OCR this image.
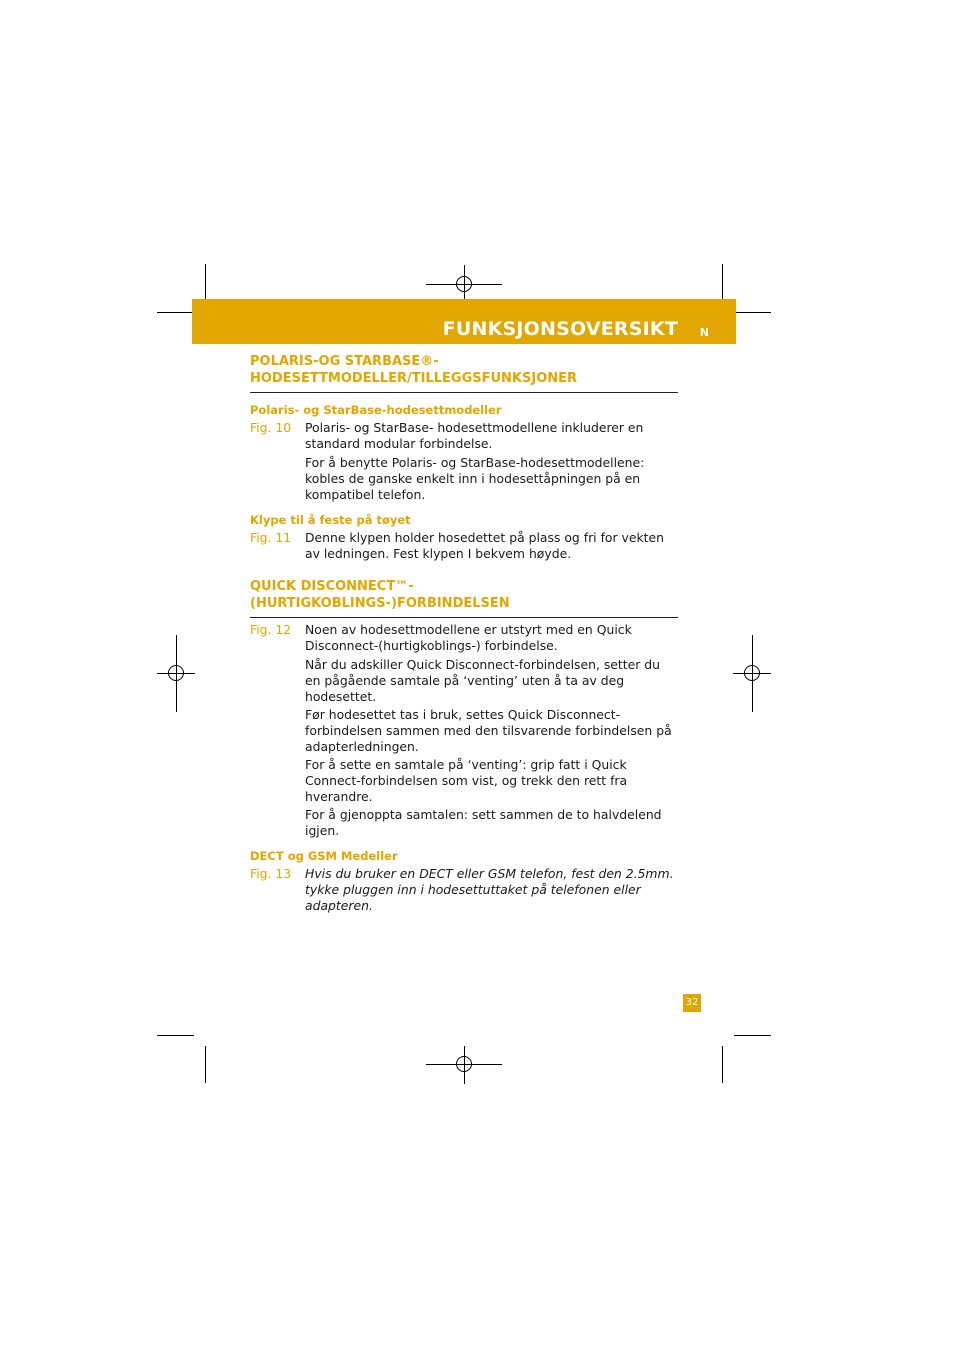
FUNKSJONSOVERSIKT N
POLARIS-OG STARBASE®-
HODESETTMODELLER/TILLEGGSFUNKSJONER
Polaris- og StarBase-hodesettmodeller
Fig. 10	Polaris- og StarBase- hodesettmodellene inkluderer en standard modular forbindelse.
For å benytte Polaris- og StarBase-hodesettmodellene: kobles de ganske enkelt inn i hodesettåpningen på en kompatibel telefon.
Klype til å feste på tøyet
Fig. 11	Denne klypen holder hosedettet på plass og fri for vekten av ledningen. Fest klypen I bekvem høyde.
QUICK DISCONNECT™-
(HURTIGKOBLINGS-)FORBINDELSEN
Fig. 12	Noen av hodesettmodellene er utstyrt med en Quick Disconnect-(hurtigkoblings-) forbindelse.
Når du adskiller Quick Disconnect-forbindelsen, setter du en pågående samtale på ‘venting’ uten å ta av deg hodesettet.
Før hodesettet tas i bruk, settes Quick Disconnect-forbindelsen sammen med den tilsvarende forbindelsen på adapterledningen.
For å sette en samtale på ‘venting’: grip fatt i Quick Connect-forbindelsen som vist, og trekk den rett fra hverandre.
For å gjenoppta samtalen: sett sammen de to halvdelend igjen.
DECT og GSM Medeller
Fig. 13	Hvis du bruker en DECT eller GSM telefon, fest den 2.5mm. tykke pluggen inn i hodesettuttaket på telefonen eller adapteren.
32
